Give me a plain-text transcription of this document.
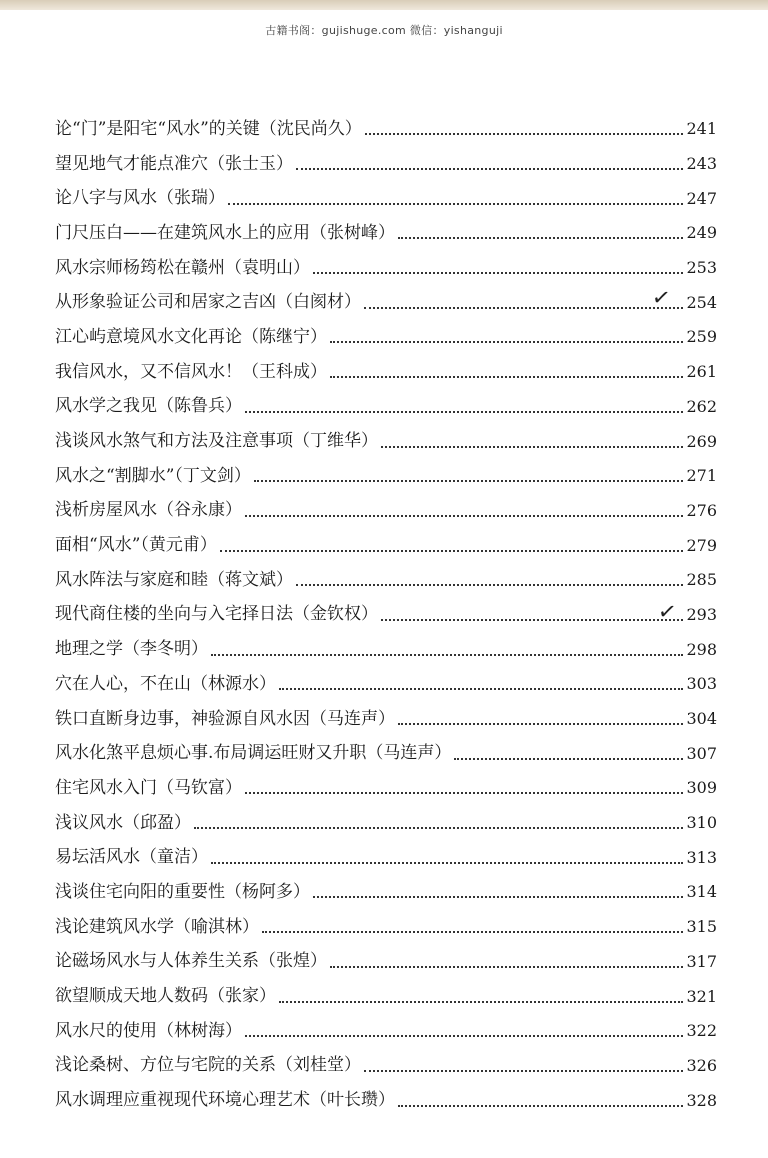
古籍书阁：gujishuge.com 微信：yishanguji
论“门”是阳宅“风水”的关键（沈民尚久）	241
望见地气才能点准穴（张士玉）	243
论八字与风水（张瑞）	247
门尺压白——在建筑风水上的应用（张树峰）	249
风水宗师杨筠松在赣州（袁明山）	253
从形象验证公司和居家之吉凶（白阂材）	254
江心屿意境风水文化再论（陈继宁）	259
我信风水，又不信风水！（王科成）	261
风水学之我见（陈鲁兵）	262
浅谈风水煞气和方法及注意事项（丁维华）	269
风水之“割脚水”（丁文剑）	271
浅析房屋风水（谷永康）	276
面相“风水”（黄元甫）	279
风水阵法与家庭和睦（蒋文斌）	285
现代商住楼的坐向与入宅择日法（金钦权）	293
地理之学（李冬明）	298
穴在人心，不在山（林源水）	303
铁口直断身边事，神验源自风水因（马连声）	304
风水化煞平息烦心事.布局调运旺财又升职（马连声）	307
住宅风水入门（马钦富）	309
浅议风水（邱盈）	310
易坛活风水（童洁）	313
浅谈住宅向阳的重要性（杨阿多）	314
浅论建筑风水学（喻淇林）	315
论磁场风水与人体养生关系（张煌）	317
欲望顺成天地人数码（张家）	321
风水尺的使用（林树海）	322
浅论桑树、方位与宅院的关系（刘桂堂）	326
风水调理应重视现代环境心理艺术（叶长瓒）	328
✓
✓
